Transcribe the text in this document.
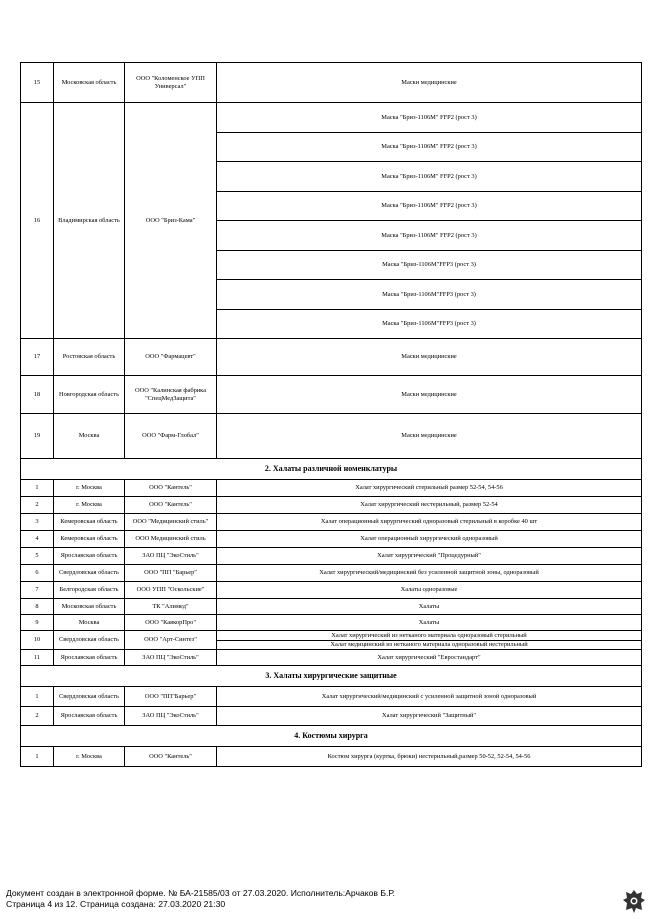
15	Московская область	ООО "Коломенское УПП Универсал"	Маски медицинские
16	Владимирская область	ООО "Бриз-Кама"	Маска "Бриз-1106М" FFP2 (рост 3)
			Маска "Бриз-1106М" FFP2 (рост 3)
			Маска "Бриз-1106М" FFP2 (рост 3)
			Маска "Бриз-1106М" FFP2 (рост 3)
			Маска "Бриз-1106М" FFP2 (рост 3)
			Маска "Бриз-1106М"FFP3 (рост 3)
			Маска "Бриз-1106М"FFP3 (рост 3)
			Маска "Бриз-1106М"FFP3 (рост 3)
17	Ростовская область	ООО "Фармацевт"	Маски медицинские
18	Новгородская область	ООО "Калинская фабрика "СпецМедЗащита"	Маски медицинские
19	Москва	ООО "Фарм-Глобал"	Маски медицинские
2. Халаты различной номенклатуры			
1	г. Москва	ООО "Кантель"	Халат хирургический стерильный размер 52-54, 54-56
2	г. Москва	ООО "Кантель"	Халат хирургический нестерильный, размер 52-54
3	Кемеровская область	ООО "Медицинский стиль"	Халат операционный хирургический одноразовый стерильный в коробке 40 шт
4	Кемеровская область	ООО Медицинский стиль	Халат операционный хирургический одноразовый
5	Ярославская область	ЗАО ПЦ "ЭкоСтиль"	Халат хирургический "Процедурный"
6	Свердловская область	ООО "ПП "Барьер"	Халат хирургический/медицинский без усиленной защитной зоны, одноразовый
7	Белгородская область	ООО УПП "Оскольские"	Халаты одноразовые
8	Московская область	ТК "Алимед"	Халаты
9	Москва	ООО "КавкорПро"	Халаты
10	Свердловская область	ООО "Арт-Синтез"	Халат хирургический из нетканого материала одноразовый стерильный
Халат медицинский из нетканого материала одноразовый нестерильный

11	Ярославская область	ЗАО ПЦ "ЭкоСтиль"	Халат хирургический "Евростандарт"
3. Халаты хирургические защитные			
1	Свердловская область	ООО "ПП"Барьер"	Халат хирургический/медицинский с усиленной защитной зоной одноразовый
2	Ярославская область	ЗАО ПЦ "ЭкоСтиль"	Халат хирургический "Защитный"
4. Костюмы хирурга			
1	г. Москва	ООО "Кантель"	Костюм хирурга (куртка, брюки) нестерильный,размер 50-52, 52-54, 54-56
Документ создан в электронной форме. № БА-21585/03 от 27.03.2020. Исполнитель:Арчаков Б.Р.
Страница 4 из 12. Страница создана: 27.03.2020 21:30
